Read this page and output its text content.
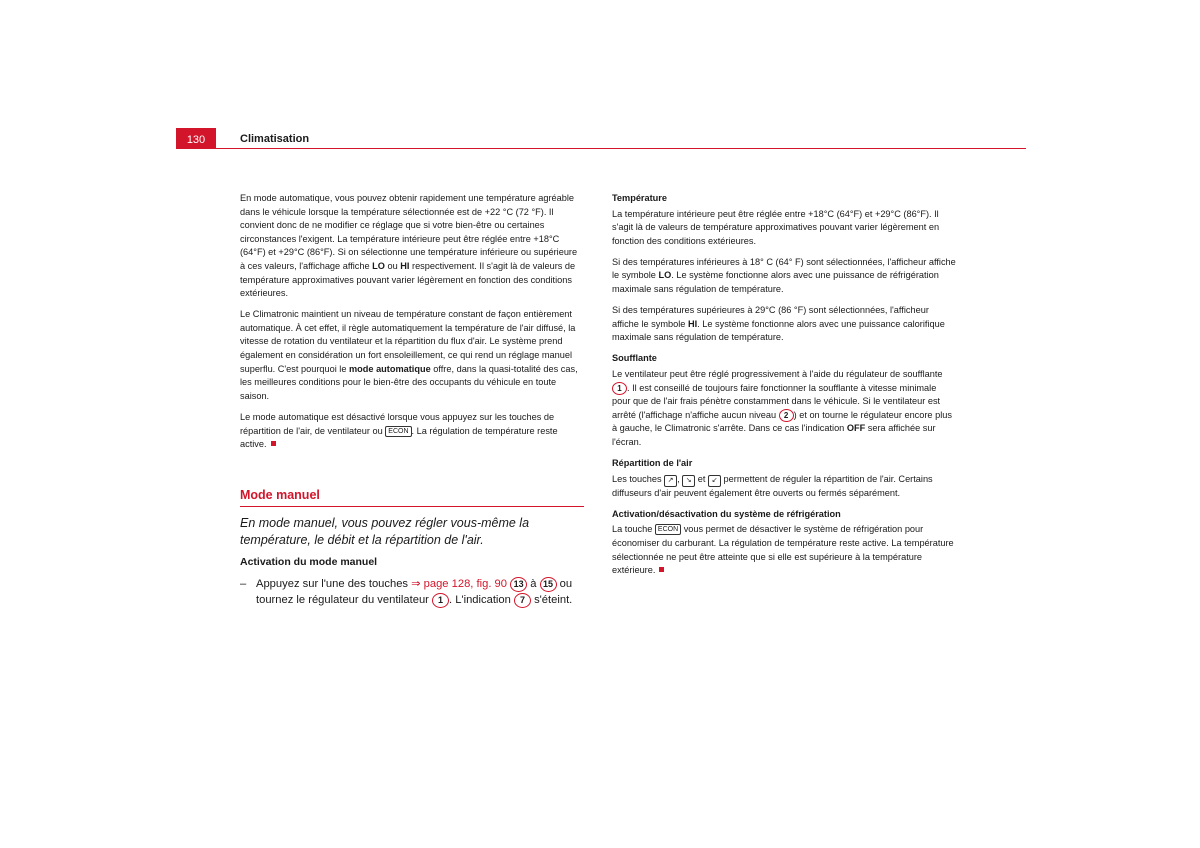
130	Climatisation

En mode automatique, vous pouvez obtenir rapidement une température agréable dans le véhicule lorsque la température sélectionnée est de +22 °C (72 °F). Il convient donc de ne modifier ce réglage que si votre bien-être ou certaines circonstances l'exigent. La température intérieure peut être réglée entre +18°C (64°F) et +29°C (86°F). Si on sélectionne une température inférieure ou supérieure à ces valeurs, l'affichage affiche LO ou HI respectivement. Il s'agit là de valeurs de température approximatives pouvant varier légèrement en fonction des conditions extérieures.

Le Climatronic maintient un niveau de température constant de façon entièrement automatique. À cet effet, il règle automatiquement la température de l'air diffusé, la vitesse de rotation du ventilateur et la répartition du flux d'air. Le système prend également en considération un fort ensoleillement, ce qui rend un réglage manuel superflu. C'est pourquoi le mode automatique offre, dans la quasi-totalité des cas, les meilleures conditions pour le bien-être des occupants du véhicule en toute saison.

Le mode automatique est désactivé lorsque vous appuyez sur les touches de répartition de l'air, de ventilateur ou ECON . La régulation de température reste active.

Mode manuel

En mode manuel, vous pouvez régler vous-même la température, le débit et la répartition de l'air.

Activation du mode manuel
– Appuyez sur l'une des touches ⇒ page 128, fig. 90 13 à 15 ou tournez le régulateur du ventilateur 1 . L'indication 7 s'éteint.
Température

La température intérieure peut être réglée entre +18°C (64°F) et +29°C (86°F). Il s'agit là de valeurs de température approximatives pouvant varier légèrement en fonction des conditions extérieures.

Si des températures inférieures à 18° C (64° F) sont sélectionnées, l'afficheur affiche le symbole LO. Le système fonctionne alors avec une puissance de réfrigération maximale sans régulation de température.

Si des températures supérieures à 29°C (86 °F) sont sélectionnées, l'afficheur affiche le symbole HI. Le système fonctionne alors avec une puissance calorifique maximale sans régulation de température.

Soufflante

Le ventilateur peut être réglé progressivement à l'aide du régulateur de soufflante 1 . Il est conseillé de toujours faire fonctionner la soufflante à vitesse minimale pour que de l'air frais pénètre constamment dans le véhicule. Si le ventilateur est arrêté (l'affichage n'affiche aucun niveau 2 ) et on tourne le régulateur encore plus à gauche, le Climatronic s'arrête. Dans ce cas l'indication OFF sera affichée sur l'écran.

Répartition de l'air

Les touches ↗ , ↘ et ↙ permettent de réguler la répartition de l'air. Certains diffuseurs d'air peuvent également être ouverts ou fermés séparément.

Activation/désactivation du système de réfrigération

La touche ECON vous permet de désactiver le système de réfrigération pour économiser du carburant. La régulation de température reste active. La température sélectionnée ne peut être atteinte que si elle est supérieure à la température extérieure.
